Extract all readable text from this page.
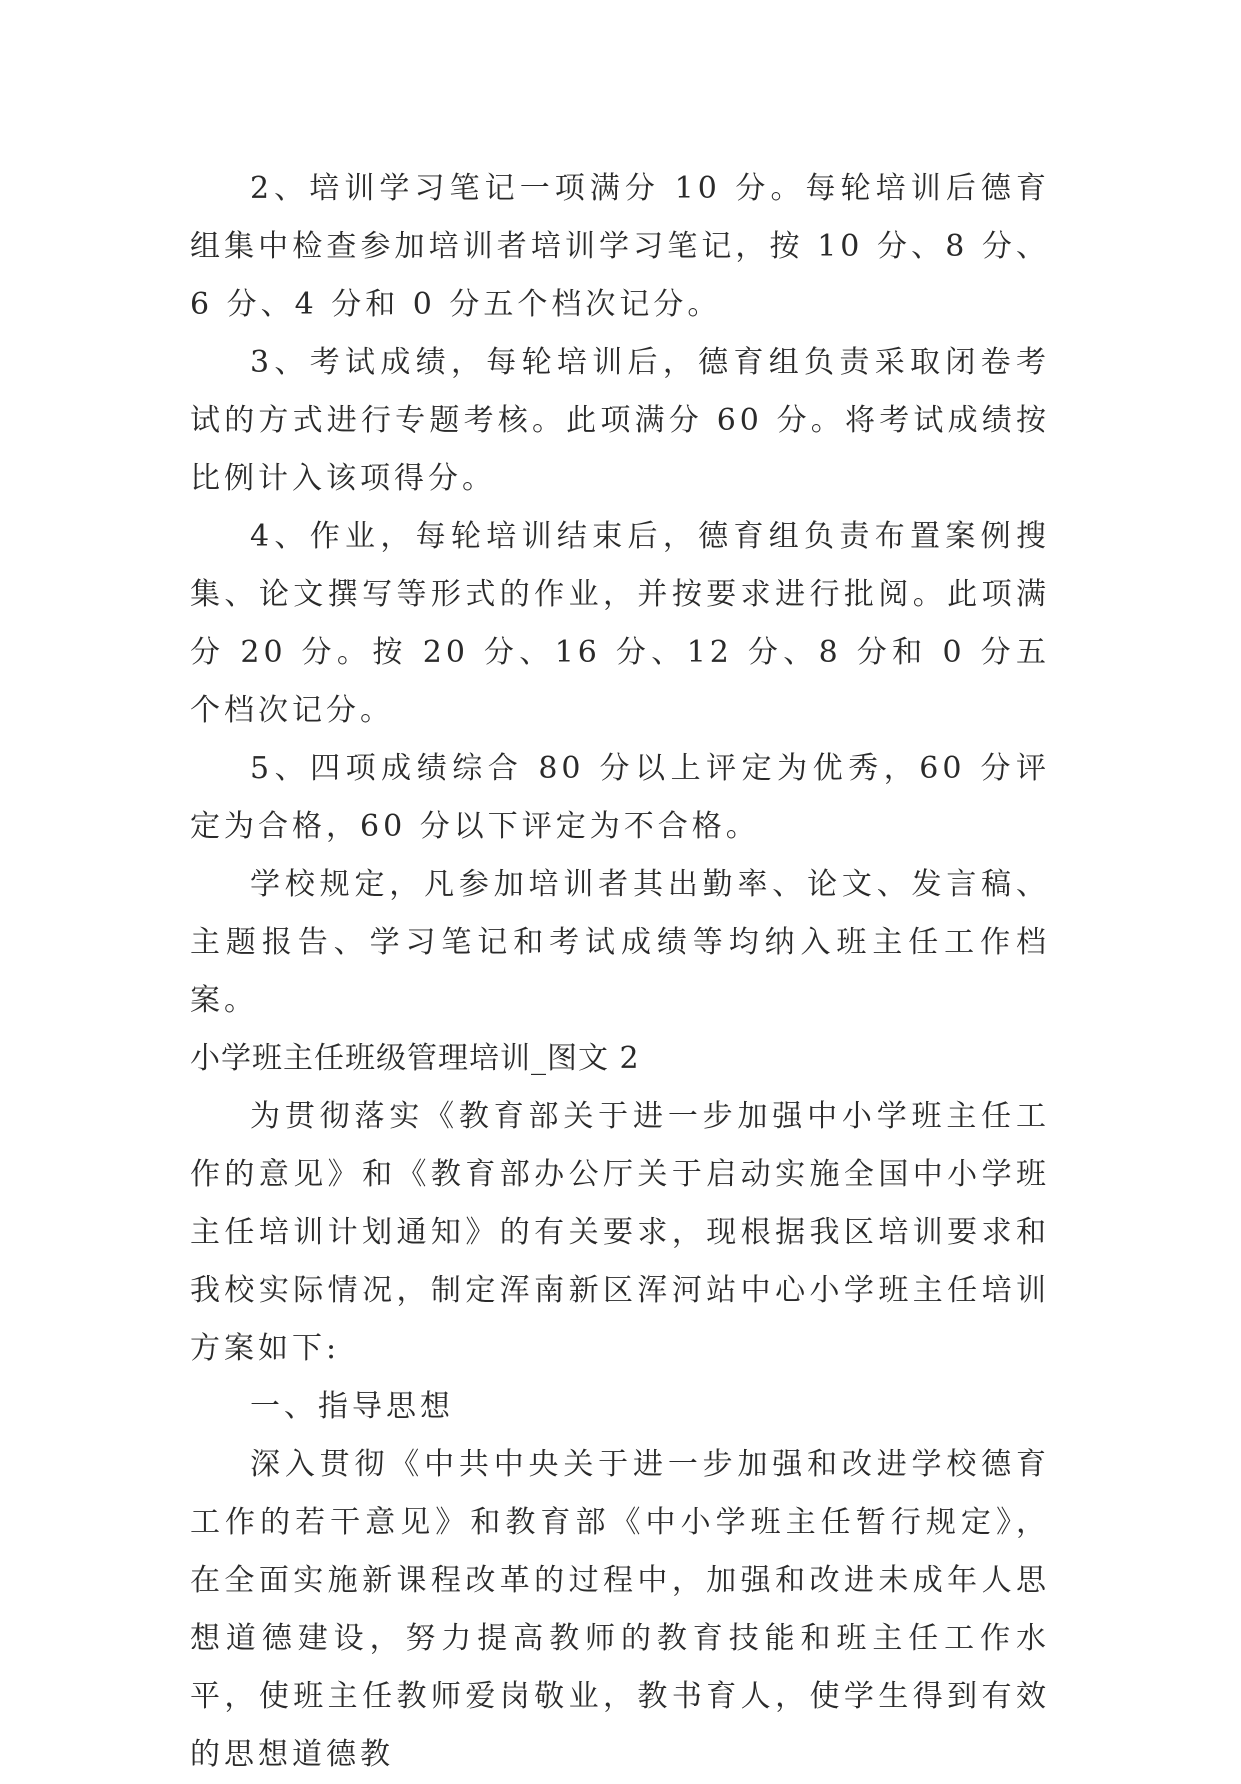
2、培训学习笔记一项满分 10 分。每轮培训后德育组集中检查参加培训者培训学习笔记，按 10 分、8 分、6 分、4 分和 0 分五个档次记分。

3、考试成绩，每轮培训后，德育组负责采取闭卷考试的方式进行专题考核。此项满分 60 分。将考试成绩按比例计入该项得分。

4、作业，每轮培训结束后，德育组负责布置案例搜集、论文撰写等形式的作业，并按要求进行批阅。此项满分 20 分。按 20 分、16 分、12 分、8 分和 0 分五个档次记分。

5、四项成绩综合 80 分以上评定为优秀，60 分评定为合格，60 分以下评定为不合格。

学校规定，凡参加培训者其出勤率、论文、发言稿、主题报告、学习笔记和考试成绩等均纳入班主任工作档案。

小学班主任班级管理培训_图文 2

为贯彻落实《教育部关于进一步加强中小学班主任工作的意见》和《教育部办公厅关于启动实施全国中小学班主任培训计划通知》的有关要求，现根据我区培训要求和我校实际情况，制定浑南新区浑河站中心小学班主任培训方案如下:

一、指导思想

深入贯彻《中共中央关于进一步加强和改进学校德育工作的若干意见》和教育部《中小学班主任暂行规定》，在全面实施新课程改革的过程中，加强和改进未成年人思想道德建设，努力提高教师的教育技能和班主任工作水平，使班主任教师爱岗敬业，教书育人，使学生得到有效的思想道德教
